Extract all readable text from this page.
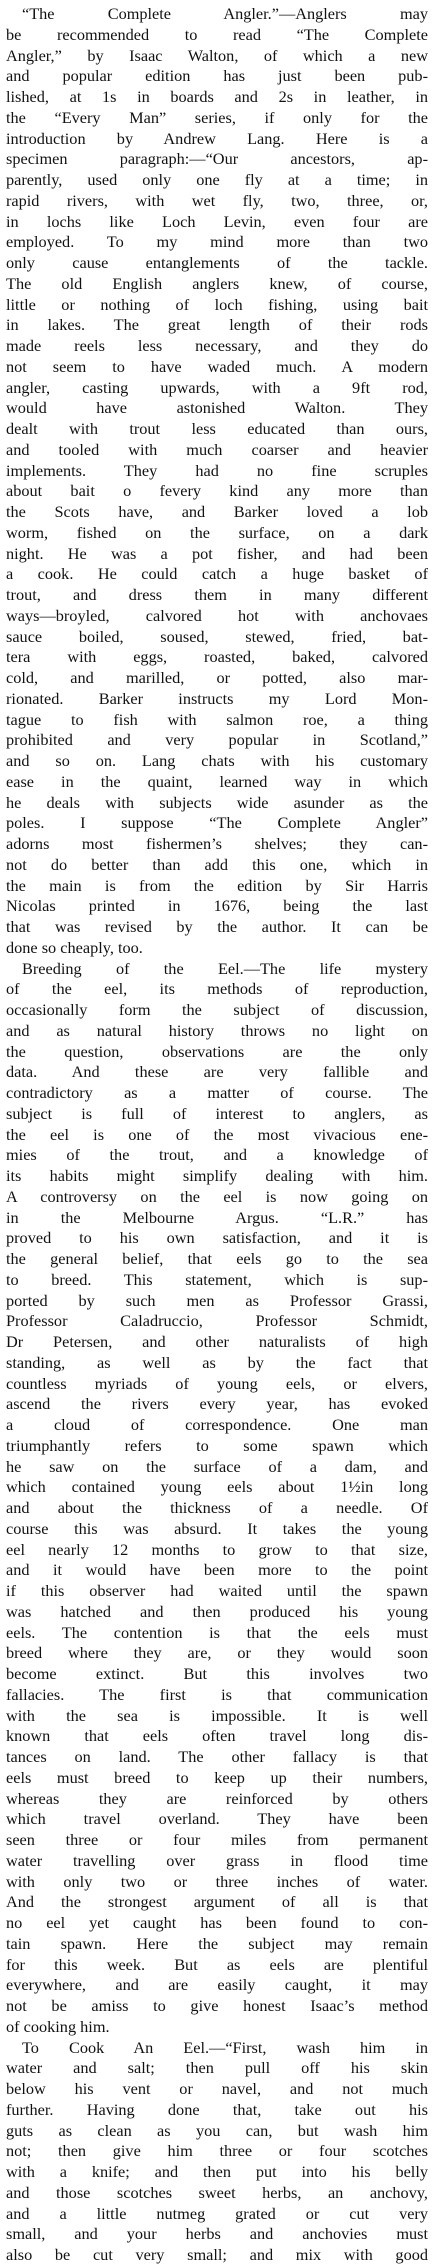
“The Complete Angler.”—Anglers may
be recommended to read “The Complete
Angler,” by Isaac Walton, of which a new
and popular edition has just been pub-
lished, at 1s in boards and 2s in leather, in
the “Every Man” series, if only for the
introduction by Andrew Lang. Here is a
specimen paragraph:—“Our ancestors, ap-
parently, used only one fly at a time; in
rapid rivers, with wet fly, two, three, or,
in lochs like Loch Levin, even four are
employed. To my mind more than two
only cause entanglements of the tackle.
The old English anglers knew, of course,
little or nothing of loch fishing, using bait
in lakes. The great length of their rods
made reels less necessary, and they do
not seem to have waded much. A modern
angler, casting upwards, with a 9ft rod,
would have astonished Walton. They
dealt with trout less educated than ours,
and tooled with much coarser and heavier
implements. They had no fine scruples
about bait o fevery kind any more than
the Scots have, and Barker loved a lob
worm, fished on the surface, on a dark
night. He was a pot fisher, and had been
a cook. He could catch a huge basket of
trout, and dress them in many different
ways—broyled, calvored hot with anchovaes
sauce boiled, soused, stewed, fried, bat-
tera with eggs, roasted, baked, calvored
cold, and marilled, or potted, also mar-
rionated. Barker instructs my Lord Mon-
tague to fish with salmon roe, a thing
prohibited and very popular in Scotland,”
and so on. Lang chats with his customary
ease in the quaint, learned way in which
he deals with subjects wide asunder as the
poles. I suppose “The Complete Angler”
adorns most fishermen’s shelves; they can-
not do better than add this one, which in
the main is from the edition by Sir Harris
Nicolas printed in 1676, being the last
that was revised by the author. It can be
done so cheaply, too.
Breeding of the Eel.—The life mystery
of the eel, its methods of reproduction,
occasionally form the subject of discussion,
and as natural history throws no light on
the question, observations are the only
data. And these are very fallible and
contradictory as a matter of course. The
subject is full of interest to anglers, as
the eel is one of the most vivacious ene-
mies of the trout, and a knowledge of
its habits might simplify dealing with him.
A controversy on the eel is now going on
in the Melbourne Argus. “L.R.” has
proved to his own satisfaction, and it is
the general belief, that eels go to the sea
to breed. This statement, which is sup-
ported by such men as Professor Grassi,
Professor Caladruccio, Professor Schmidt,
Dr Petersen, and other naturalists of high
standing, as well as by the fact that
countless myriads of young eels, or elvers,
ascend the rivers every year, has evoked
a cloud of correspondence. One man
triumphantly refers to some spawn which
he saw on the surface of a dam, and
which contained young eels about 1½in long
and about the thickness of a needle. Of
course this was absurd. It takes the young
eel nearly 12 months to grow to that size,
and it would have been more to the point
if this observer had waited until the spawn
was hatched and then produced his young
eels. The contention is that the eels must
breed where they are, or they would soon
become extinct. But this involves two
fallacies. The first is that communication
with the sea is impossible. It is well
known that eels often travel long dis-
tances on land. The other fallacy is that
eels must breed to keep up their numbers,
whereas they are reinforced by others
which travel overland. They have been
seen three or four miles from permanent
water travelling over grass in flood time
with only two or three inches of water.
And the strongest argument of all is that
no eel yet caught has been found to con-
tain spawn. Here the subject may remain
for this week. But as eels are plentiful
everywhere, and are easily caught, it may
not be amiss to give honest Isaac’s method
of cooking him.
To Cook An Eel.—“First, wash him in
water and salt; then pull off his skin
below his vent or navel, and not much
further. Having done that, take out his
guts as clean as you can, but wash him
not; then give him three or four scotches
with a knife; and then put into his belly
and those scotches sweet herbs, an anchovy,
and a little nutmeg grated or cut very
small, and your herbs and anchovies must
also be cut very small; and mix with good
